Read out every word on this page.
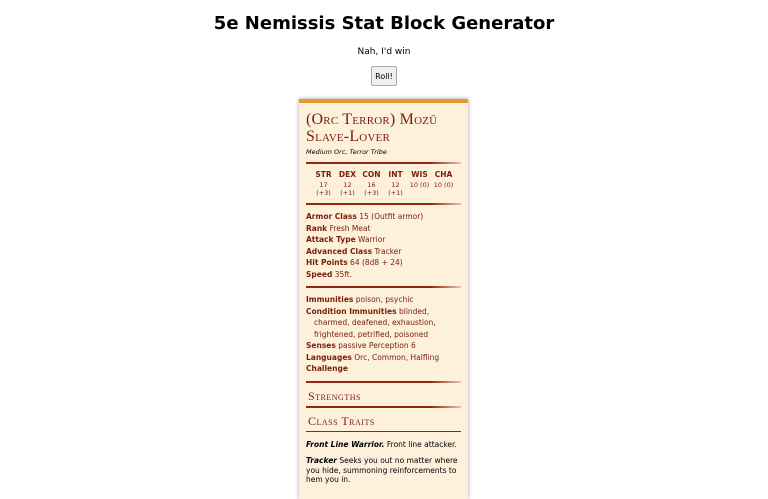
5e Nemissis Stat Block Generator
Nah, I'd win
Roll!
(Orc Terror) Mozū Slave-Lover
Medium Orc, Terror Tribe
STR
17 (+3)
DEX
12 (+1)
CON
16 (+3)
INT
12 (+1)
WIS
10 (0)
CHA
10 (0)
Armor Class 15 (Outfit armor)
Rank Fresh Meat
Attack Type Warrior
Advanced Class Tracker
Hit Points 64 (8d8 + 24)
Speed 35ft.
Immunities poison, psychic
Condition Immunities blinded,
charmed, deafened, exhaustion,
frightened, petrified, poisoned
Senses passive Perception 6
Languages Orc, Common, Halfling
Challenge
Strengths
Class Traits
Front Line Warrior. Front line attacker.
Tracker Seeks you out no matter where you hide, summoning reinforcements to hem you in.
